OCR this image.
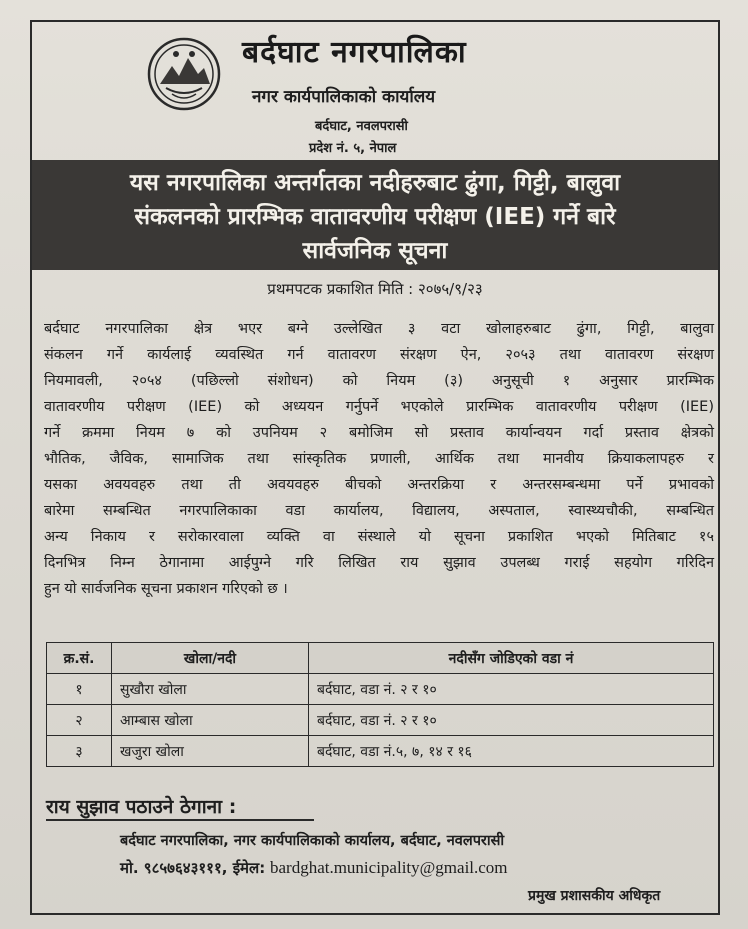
बर्दघाट नगरपालिका
नगर कार्यपालिकाको कार्यालय
बर्दघाट, नवलपरासी
प्रदेश नं. ५, नेपाल
यस नगरपालिका अन्तर्गतका नदीहरुबाट ढुंगा, गिट्टी, बालुवा
संकलनको प्रारम्भिक वातावरणीय परीक्षण (IEE) गर्ने बारे
सार्वजनिक सूचना
प्रथमपटक प्रकाशित मिति : २०७५/९/२३
बर्दघाट नगरपालिका क्षेत्र भएर बग्ने उल्लेखित ३ वटा खोलाहरुबाट ढुंगा, गिट्टी, बालुवा
संकलन गर्ने कार्यलाई व्यवस्थित गर्न वातावरण संरक्षण ऐन, २०५३ तथा वातावरण संरक्षण
नियमावली, २०५४ (पछिल्लो संशोधन) को नियम (३) अनुसूची १ अनुसार प्रारम्भिक
वातावरणीय परीक्षण (IEE) को अध्ययन गर्नुपर्ने भएकोले प्रारम्भिक वातावरणीय परीक्षण (IEE)
गर्ने क्रममा नियम ७ को उपनियम २ बमोजिम सो प्रस्ताव कार्यान्वयन गर्दा प्रस्ताव क्षेत्रको
भौतिक, जैविक, सामाजिक तथा सांस्कृतिक प्रणाली, आर्थिक तथा मानवीय क्रियाकलापहरु र
यसका अवयवहरु तथा ती अवयवहरु बीचको अन्तरक्रिया र अन्तरसम्बन्धमा पर्ने प्रभावको
बारेमा सम्बन्धित नगरपालिकाका वडा कार्यालय, विद्यालय, अस्पताल, स्वास्थ्यचौकी, सम्बन्धित
अन्य निकाय र सरोकारवाला व्यक्ति वा संस्थाले यो सूचना प्रकाशित भएको मितिबाट १५
दिनभित्र निम्न ठेगानामा आईपुग्ने गरि लिखित राय सुझाव उपलब्ध गराई सहयोग गरिदिन
हुन यो सार्वजनिक सूचना प्रकाशन गरिएको छ ।
क्र.सं.	खोला/नदी	नदीसँग जोडिएको वडा नं
१	सुखौरा खोला	बर्दघाट, वडा नं. २ र १०
२	आम्बास खोला	बर्दघाट, वडा नं. २ र १०
३	खजुरा खोला	बर्दघाट, वडा नं.५, ७, १४ र १६
राय सुझाव पठाउने ठेगाना :
बर्दघाट नगरपालिका, नगर कार्यपालिकाको कार्यालय, बर्दघाट, नवलपरासी
मो. ९८५७६४३१११, ईमेल: bardghat.municipality@gmail.com
प्रमुख प्रशासकीय अधिकृत
